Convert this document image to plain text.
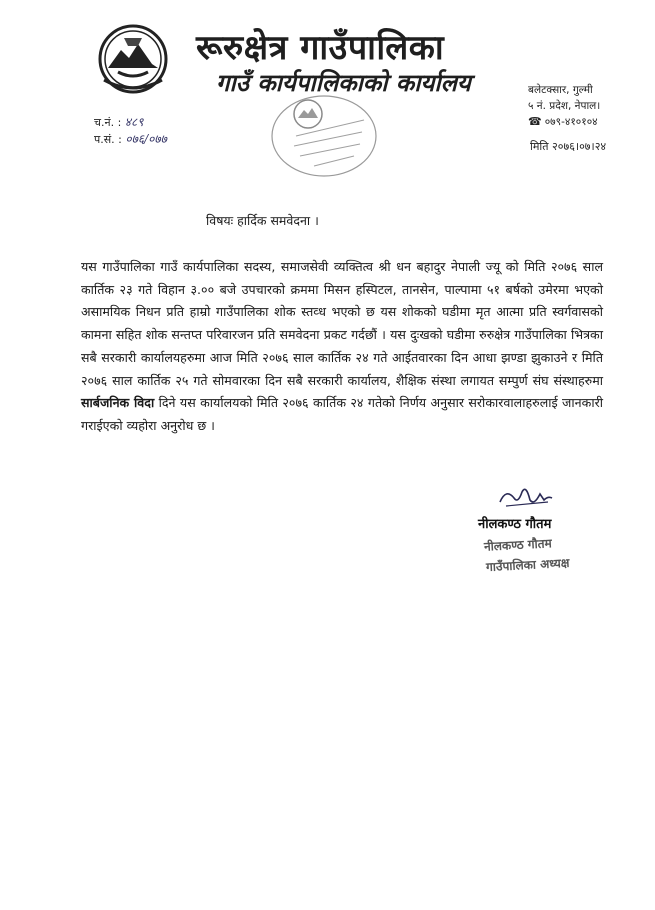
रूरुक्षेत्र गाउँपालिका
गाउँ कार्यपालिकाको कार्यालय	बलेटक्सार, गुल्मी
५ नं. प्रदेश, नेपाल।
☎ ०७९-४१०१०४
च.नं. : ४८९
प.सं. : ०७६/०७७
मिति २०७६।०७।२४
विषयः हार्दिक समवेदना ।

यस गाउँपालिका गाउँ कार्यपालिका सदस्य, समाजसेवी व्यक्तित्व श्री धन बहादुर नेपाली ज्यू को मिति २०७६ साल कार्तिक २३ गते विहान ३.०० बजे उपचारको क्रममा मिसन हस्पिटल, तानसेन, पाल्पामा ५१ बर्षको उमेरमा भएको असामयिक निधन प्रति हाम्रो गाउँपालिका शोक स्तव्ध भएको छ यस शोकको घडीमा मृत आत्मा प्रति स्वर्गवासको कामना सहित शोक सन्तप्त परिवारजन प्रति समवेदना प्रकट गर्दछौं । यस दुःखको घडीमा रुरुक्षेत्र गाउँपालिका भित्रका सबै सरकारी कार्यालयहरुमा आज मिति २०७६ साल कार्तिक २४ गते आईतवारका दिन आधा झण्डा झुकाउने र मिति २०७६ साल कार्तिक २५ गते सोमवारका दिन सबै सरकारी कार्यालय, शैक्षिक संस्था लगायत सम्पुर्ण संघ संस्थाहरुमा सार्बजनिक विदा दिने यस कार्यालयको मिति २०७६ कार्तिक २४ गतेको निर्णय अनुसार सरोकारवालाहरुलाई जानकारी गराईएको व्यहोरा अनुरोध छ ।

नीलकण्ठ गौतम
नीलकण्ठ गौतम
गाउँपालिका अध्यक्ष
